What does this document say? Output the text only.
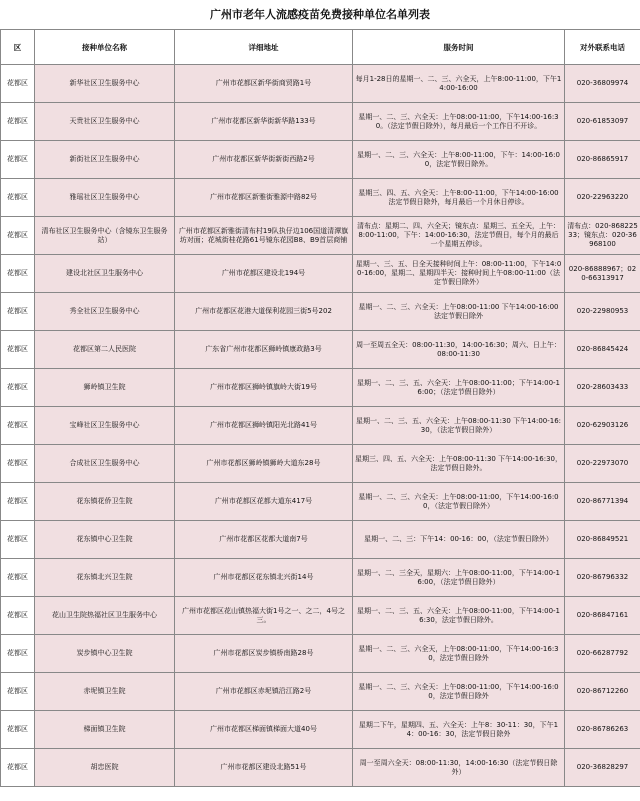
广州市老年人流感疫苗免费接种单位名单列表
区	接种单位名称	详细地址	服务时间	对外联系电话
花都区	新华社区卫生服务中心	广州市花都区新华街商贸路1号	每月1-28日的星期一、二、三、六全天，上午8:00-11:00，下午14:00-16:00	020-36809974
花都区	天贵社区卫生服务中心	广州市花都区新华街新华路133号	星期一、二、三、六全天：上午08:00-11:00，下午14:00-16:30。（法定节假日除外），每月最后一个工作日不开诊。	020-61853097
花都区	新街社区卫生服务中心	广州市花都区新华街新街西路2号	星期一、二、三、六全天：上午8:00-11:00，下午：14:00-16:00，法定节假日除外。	020-86865917
花都区	雅瑶社区卫生服务中心	广州市花都区新雅街雅源中路82号	星期三、四、五、六全天：上午8:00-11:00，下午14:00-16:00法定节假日除外，每月最后一个月休日停诊。	020-22963220
花都区	清布社区卫生服务中心（含镜东卫生服务站）	广州市花都区新雅街清布村19队执仔边106国道清潭旗坊对面；花城街桂花路61号镜东花园B8、B9首层商铺	清布点：星期二、四、六全天；镜东点：星期三、五全天，上午：8:00-11:00，下午：14:00-16:30，法定节假日，每个月的最后一个星期五停诊。	清布点：020-86822533；镜东点：020-36968100
花都区	建设北社区卫生服务中心	广州市花都区建设北194号	星期一、三、五、日全天接种时间上午：08:00-11:00，下午14:00-16:00，星期二、星期四半天：接种时间上午08:00-11:00（法定节假日除外）	020-86888967；020-66313917
花都区	秀全社区卫生服务中心	广州市花都区花港大道保利花园三街5号202	星期一、二、三、六全天：上午08:00-11:00 下午14:00-16:00 法定节假日除外	020-22980953
花都区	花都区第二人民医院	广东省广州市花都区狮岭镇康政路3号	周一至周五全天：08:00-11:30，14:00-16:30；周六、日上午：08:00-11:30	020-86845424
花都区	狮岭镇卫生院	广州市花都区狮岭镇旗岭大街19号	星期一、二、三、五、六全天：上午08:00-11:00；下午14:00-16:00；（法定节假日除外）	020-28603433
花都区	宝峰社区卫生服务中心	广州市花都区狮岭镇阳光北路41号	星期一、二、三、五、六全天：上午08:00-11:30 下午14:00-16:30，（法定节假日除外）	020-62903126
花都区	合成社区卫生服务中心	广州市花都区狮岭镇狮岭大道东28号	星期三、四、五、六全天：上午08:00-11:30 下午14:00-16:30，法定节假日除外。	020-22973070
花都区	花东镇花侨卫生院	广州市花都区花都大道东417号	星期一、二、三、六全天：上午08:00-11:00，下午14:00-16:00，（法定节假日除外）	020-86771394
花都区	花东镇中心卫生院	广州市花都区花都大道南7号	星期一、二、三：下午14：00-16：00，（法定节假日除外）	020-86849521
花都区	花东镇北兴卫生院	广州市花都区花东镇北兴街14号	星期一、二、三全天，星期六：上午08:00-11:00，下午14:00-16:00，（法定节假日除外）	020-86796332
花都区	花山卫生院热福社区卫生服务中心	广州市花都区花山镇热福大街1号之一、之二，4号之三。	星期一、二、三、五、六全天：上午08:00-11:00，下午14:00-16:30，法定节假日除外。	020-86847161
花都区	炭步镇中心卫生院	广州市花都区炭步镇桥南路28号	星期一、二、三、六全天，上午08:00-11:00，下午14:00-16:30，法定节假日除外	020-66287792
花都区	赤坭镇卫生院	广州市花都区赤坭镇沿江路2号	星期一、二、三、六全天：上午08:00-11:00，下午14:00-16:00，法定节假日除外	020-86712260
花都区	梯面镇卫生院	广州市花都区梯面镇梯面大道40号	星期二下午，星期四、五、六全天：上午8：30-11：30，下午14：00-16：30，法定节假日除外	020-86786263
花都区	胡忠医院	广州市花都区建设北路51号	周一至周六全天：08:00-11:30，14:00-16:30（法定节假日除外）	020-36828297
